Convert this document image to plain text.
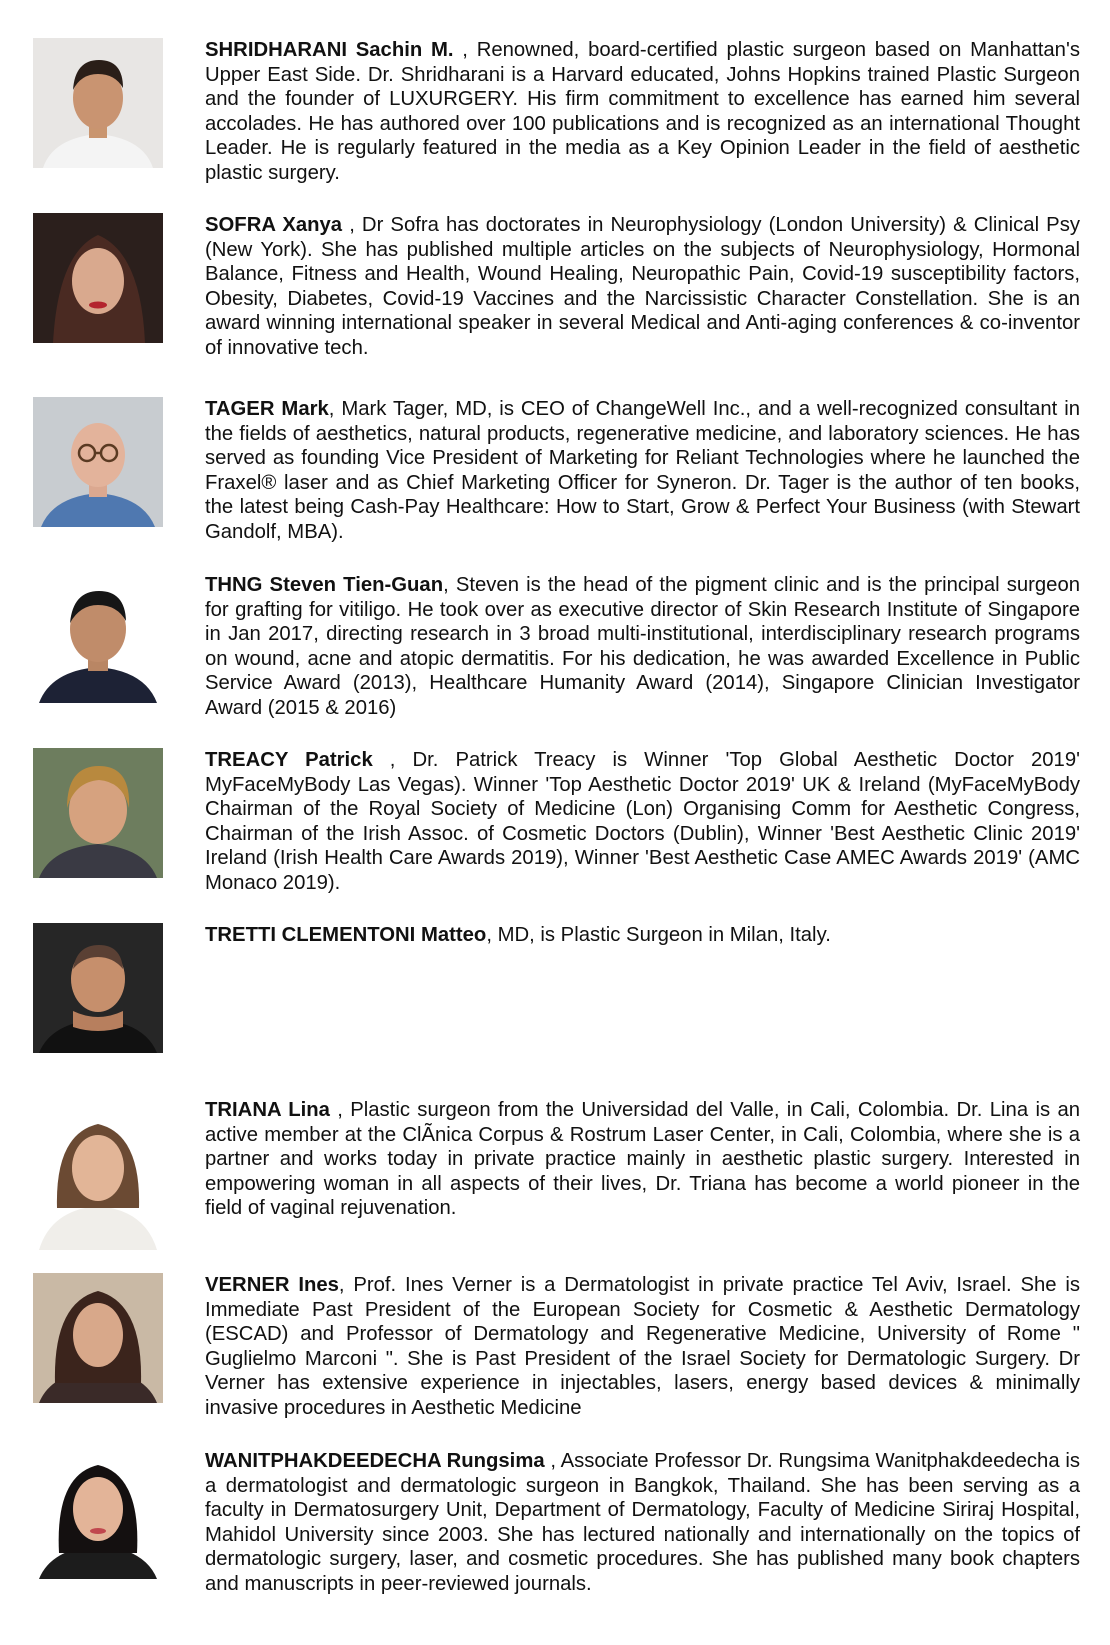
SHRIDHARANI Sachin M. , Renowned, board-certified plastic surgeon based on Manhattan's Upper East Side. Dr. Shridharani is a Harvard educated, Johns Hopkins trained Plastic Surgeon and the founder of LUXURGERY. His firm commitment to excellence has earned him several accolades. He has authored over 100 publications and is recognized as an international Thought Leader. He is regularly featured in the media as a Key Opinion Leader in the field of aesthetic plastic surgery.

SOFRA Xanya , Dr Sofra has doctorates in Neurophysiology (London University) & Clinical Psy (New York). She has published multiple articles on the subjects of Neurophysiology, Hormonal Balance, Fitness and Health, Wound Healing, Neuropathic Pain, Covid-19 susceptibility factors, Obesity, Diabetes, Covid-19 Vaccines and the Narcissistic Character Constellation. She is an award winning international speaker in several Medical and Anti-aging conferences & co-inventor of innovative tech.

TAGER Mark, Mark Tager, MD, is CEO of ChangeWell Inc., and a well-recognized consultant in the fields of aesthetics, natural products, regenerative medicine, and laboratory sciences. He has served as founding Vice President of Marketing for Reliant Technologies where he launched the Fraxel® laser and as Chief Marketing Officer for Syneron. Dr. Tager is the author of ten books, the latest being Cash-Pay Healthcare: How to Start, Grow & Perfect Your Business (with Stewart Gandolf, MBA).

THNG Steven Tien-Guan, Steven is the head of the pigment clinic and is the principal surgeon for grafting for vitiligo. He took over as executive director of Skin Research Institute of Singapore in Jan 2017, directing research in 3 broad multi-institutional, interdisciplinary research programs on wound, acne and atopic dermatitis. For his dedication, he was awarded Excellence in Public Service Award (2013), Healthcare Humanity Award (2014), Singapore Clinician Investigator Award (2015 & 2016)

TREACY Patrick , Dr. Patrick Treacy is Winner 'Top Global Aesthetic Doctor 2019' MyFaceMyBody Las Vegas). Winner 'Top Aesthetic Doctor 2019' UK & Ireland (MyFaceMyBody Chairman of the Royal Society of Medicine (Lon) Organising Comm for Aesthetic Congress, Chairman of the Irish Assoc. of Cosmetic Doctors (Dublin), Winner 'Best Aesthetic Clinic 2019' Ireland (Irish Health Care Awards 2019), Winner 'Best Aesthetic Case AMEC Awards 2019' (AMC Monaco 2019).

TRETTI CLEMENTONI Matteo, MD, is Plastic Surgeon in Milan, Italy.

TRIANA Lina , Plastic surgeon from the Universidad del Valle, in Cali, Colombia. Dr. Lina is an active member at the ClÃnica Corpus & Rostrum Laser Center, in Cali, Colombia, where she is a partner and works today in private practice mainly in aesthetic plastic surgery. Interested in empowering woman in all aspects of their lives, Dr. Triana has become a world pioneer in the field of vaginal rejuvenation.

VERNER Ines, Prof. Ines Verner is a Dermatologist in private practice Tel Aviv, Israel. She is Immediate Past President of the European Society for Cosmetic & Aesthetic Dermatology (ESCAD) and Professor of Dermatology and Regenerative Medicine, University of Rome " Guglielmo Marconi ". She is Past President of the Israel Society for Dermatologic Surgery. Dr Verner has extensive experience in injectables, lasers, energy based devices & minimally invasive procedures in Aesthetic Medicine

WANITPHAKDEEDECHA Rungsima , Associate Professor Dr. Rungsima Wanitphakdeedecha is a dermatologist and dermatologic surgeon in Bangkok, Thailand. She has been serving as a faculty in Dermatosurgery Unit, Department of Dermatology, Faculty of Medicine Siriraj Hospital, Mahidol University since 2003. She has lectured nationally and internationally on the topics of dermatologic surgery, laser, and cosmetic procedures. She has published many book chapters and manuscripts in peer-reviewed journals.
